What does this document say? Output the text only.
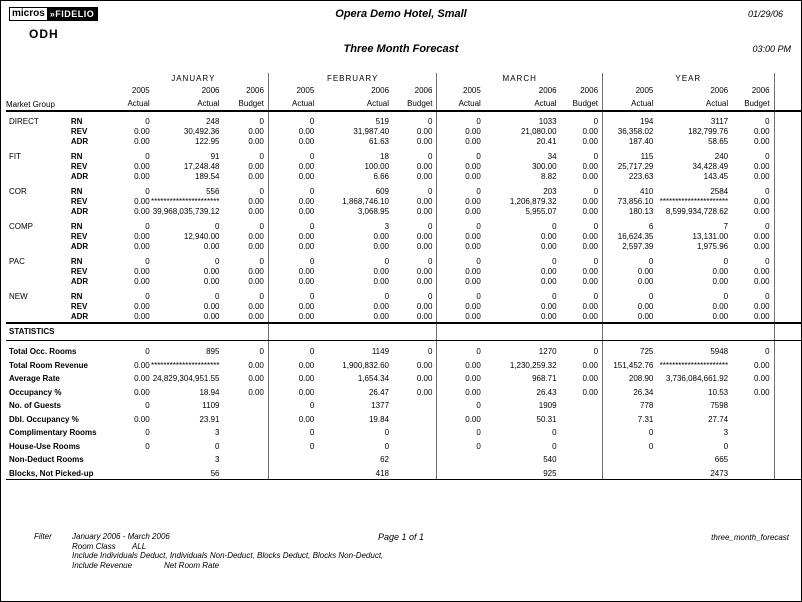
micros »FIDELIO	Opera Demo Hotel, Small	01/29/06
ODH
Three Month Forecast	03:00 PM
		JANUARY			FEBRUARY			MARCH			YEAR			
		2005	2006	2006	2005	2006	2006	2005	2006	2006	2005	2006	2006	
Market Group		Actual	Actual	Budget	Actual	Actual	Budget	Actual	Actual	Budget	Actual	Actual	Budget	
DIRECT	RN	0	248	0	0	519	0	0	1033	0	194	3117	0	

	REV	0.00	30,492.36	0.00	0.00	31,987.40	0.00	0.00	21,080.00	0.00	36,358.02	182,799.76	0.00	

	ADR	0.00	122.95	0.00	0.00	61.63	0.00	0.00	20.41	0.00	187.40	58.65	0.00	

FIT	RN	0	91	0	0	18	0	0	34	0	115	240	0	

	REV	0.00	17,248.48	0.00	0.00	100.00	0.00	0.00	300.00	0.00	25,717.29	34,428.49	0.00	

	ADR	0.00	189.54	0.00	0.00	6.66	0.00	0.00	8.82	0.00	223.63	143.45	0.00	

COR	RN	0	556	0	0	609	0	0	203	0	410	2584	0	

	REV	0.00	**********************	0.00	0.00	1,868,746.10	0.00	0.00	1,206,879.32	0.00	73,856.10	**********************	0.00	

	ADR	0.00	39,968,035,739.12	0.00	0.00	3,068.95	0.00	0.00	5,955.07	0.00	180.13	8,599,934,728.62	0.00	

COMP	RN	0	0	0	0	3	0	0	0	0	6	7	0	

	REV	0.00	12,940.00	0.00	0.00	0.00	0.00	0.00	0.00	0.00	16,624.35	13,131.00	0.00	

	ADR	0.00	0.00	0.00	0.00	0.00	0.00	0.00	0.00	0.00	2,597.39	1,975.96	0.00	

PAC	RN	0	0	0	0	0	0	0	0	0	0	0	0	

	REV	0.00	0.00	0.00	0.00	0.00	0.00	0.00	0.00	0.00	0.00	0.00	0.00	

	ADR	0.00	0.00	0.00	0.00	0.00	0.00	0.00	0.00	0.00	0.00	0.00	0.00	

NEW	RN	0	0	0	0	0	0	0	0	0	0	0	0	

	REV	0.00	0.00	0.00	0.00	0.00	0.00	0.00	0.00	0.00	0.00	0.00	0.00	

	ADR	0.00	0.00	0.00	0.00	0.00	0.00	0.00	0.00	0.00	0.00	0.00	0.00	

STATISTICS														
Total Occ. Rooms		0	895	0	0	1149	0	0	1270	0	725	5948	0	

Total Room Revenue		0.00	**********************	0.00	0.00	1,900,832.60	0.00	0.00	1,230,259.32	0.00	151,452.76	**********************	0.00	

Average Rate		0.00	24,829,304,951.55	0.00	0.00	1,654.34	0.00	0.00	968.71	0.00	208.90	3,736,084,661.92	0.00	

Occupancy %		0.00	18.94	0.00	0.00	26.47	0.00	0.00	26.43	0.00	26.34	10.53	0.00	

No. of Guests		0	1109		0	1377		0	1909		778	7598		

Dbl. Occupancy %		0.00	23.91		0.00	19.84		0.00	50.31		7.31	27.74		

Complimentary Rooms		0	3		0	0		0	0		0	3		

House-Use Rooms		0	0		0	0		0	0		0	0		

Non-Deduct Rooms			3			62			540			665		

Blocks, Not Picked-up			56			418			925			2473		

Filter	January 2006 - March 2006
Room Class ALL
Include Individuals Deduct, Individuals Non-Deduct, Blocks Deduct, Blocks Non-Deduct,
Include Revenue	Net Room Rate
Page 1 of 1	three_month_forecast
